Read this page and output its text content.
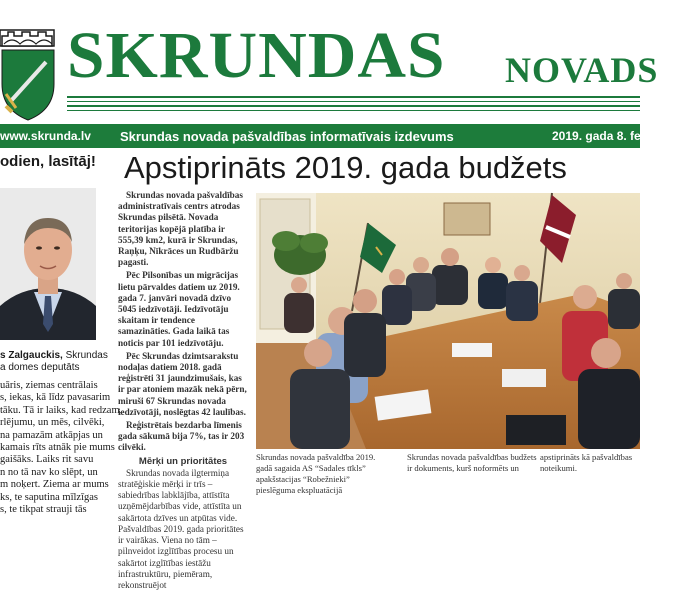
SKRUNDAS NOVADS
www.skrunda.lv Skrundas novada pašvaldības informatīvais izdevums	2019. gada 8. februāris
odien, lasītāj!
s Zalgauckis, Skrundas
a domes deputāts

uāris, ziemas centrālais

s, iekas, kā līdz pavasarim

tāku. Tā ir laiks, kad redzam,

rlējumu, un mēs, cilvēki,

na pamazām atkāpjas un

kamais rīts atnāk pie mums

gaišāks. Laiks rit savu

n no tā nav ko slēpt, un

m noķert. Ziema ar mums

ks, te saputina mīlzīgas

s, te tikpat strauji tās

Apstiprināts 2019. gada budžets

Skrundas novada pašvaldības administratīvais centrs atrodas Skrundas pilsētā. Novada teritorijas kopējā platība ir 555,39 km2, kurā ir Skrundas, Raņķu, Nīkrāces un Rudbāržu pagasti.

Pēc Pilsonības un migrācijas lietu pārvaldes datiem uz 2019. gada 7. janvāri novadā dzīvo 5045 iedzīvotāji. Iedzīvotāju skaitam ir tendence samazināties. Gada laikā tas noticis par 101 iedzīvotāju.

Pēc Skrundas dzimtsarakstu nodaļas datiem 2018. gadā reģistrēti 31 jaundzimušais, kas ir par atoniem mazāk nekā pērn, miruši 67 Skrundas novada iedzīvotāji, noslēgtas 42 laulības.

Reģistrētais bezdarba līmenis gada sākumā bija 7%, tas ir 203 cilvēki.

Mērķi un prioritātes

Skrundas novada ilgtermiņa stratēģiskie mērķi ir trīs – sabiedrības labklājība, attīstīta uzņēmējdarbības vide, attīstīta un sakārtota dzīves un atpūtas vide. Pašvaldības 2019. gada prioritātes ir vairākas. Viena no tām – pilnveidot izglītības procesu un sakārtot izglītības iestāžu infrastruktūru, piemēram, rekonstruējot

Skrundas novada pašvaldība 2019. gadā sagaida AS “Sadales tīkls” apakšstacijas “Robežnieki” pieslēguma ekspluatācijā
Skrundas novada pašvaldības budžets ir dokuments, kurš noformēts un
apstiprināts kā pašvaldības noteikumi.
